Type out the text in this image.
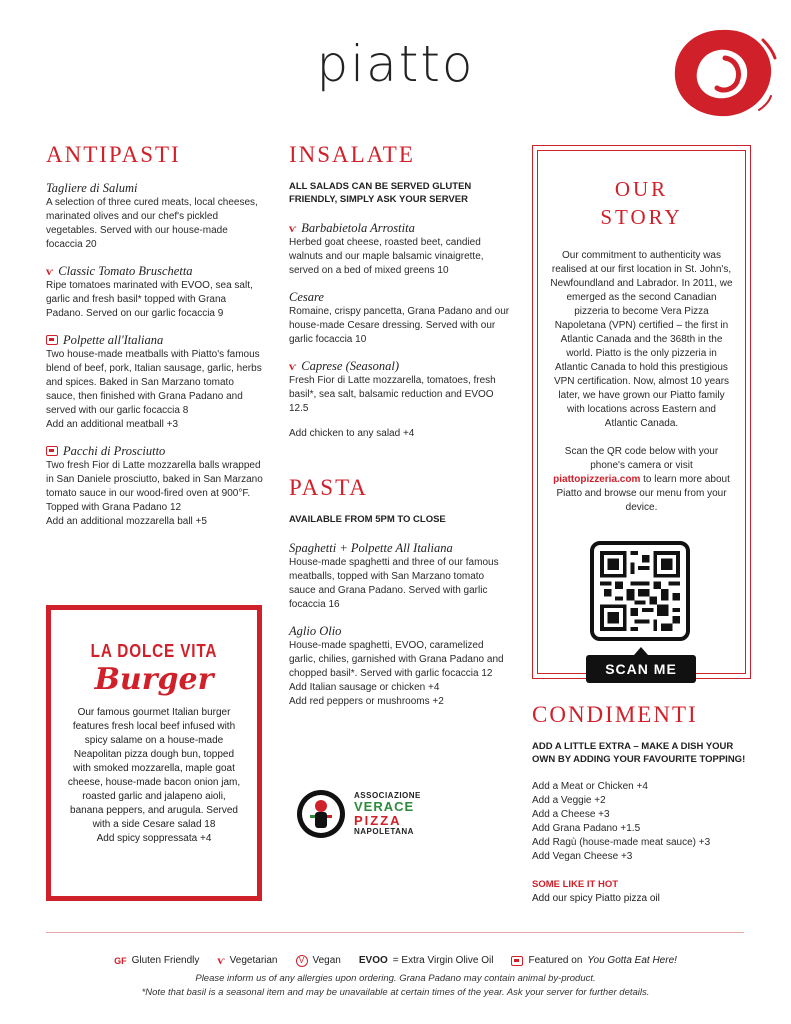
piatto
ANTIPASTI
Tagliere di Salumi
A selection of three cured meats, local cheeses, marinated olives and our chef's pickled vegetables. Served with our house-made focaccia 20
ѵ Classic Tomato Bruschetta
Ripe tomatoes marinated with EVOO, sea salt, garlic and fresh basil* topped with Grana Padano. Served on our garlic focaccia 9
Polpette all'Italiana
Two house-made meatballs with Piatto's famous blend of beef, pork, Italian sausage, garlic, herbs and spices. Baked in San Marzano tomato sauce, then finished with Grana Padano and served with our garlic focaccia 8
Add an additional meatball +3
Pacchi di Prosciutto
Two fresh Fior di Latte mozzarella balls wrapped in San Daniele prosciutto, baked in San Marzano tomato sauce in our wood-fired oven at 900°F.
Topped with Grana Padano 12
Add an additional mozzarella ball +5
LA DOLCE VITA
Burger
Our famous gourmet Italian burger features fresh local beef infused with spicy salame on a house-made Neapolitan pizza dough bun, topped with smoked mozzarella, maple goat cheese, house-made bacon onion jam, roasted garlic and jalapeno aioli, banana peppers, and arugula. Served with a side Cesare salad 18
Add spicy soppressata +4
INSALATE
ALL SALADS CAN BE SERVED GLUTEN FRIENDLY, SIMPLY ASK YOUR SERVER
ѵ Barbabietola Arrostita
Herbed goat cheese, roasted beet, candied walnuts and our maple balsamic vinaigrette, served on a bed of mixed greens 10
Cesare
Romaine, crispy pancetta, Grana Padano and our house-made Cesare dressing. Served with our garlic focaccia 10
ѵ Caprese (Seasonal)
Fresh Fior di Latte mozzarella, tomatoes, fresh basil*, sea salt, balsamic reduction and EVOO 12.5
Add chicken to any salad +4
PASTA
AVAILABLE FROM 5PM TO CLOSE
Spaghetti + Polpette All Italiana
House-made spaghetti and three of our famous meatballs, topped with San Marzano tomato sauce and Grana Padano. Served with garlic focaccia 16
Aglio Olio
House-made spaghetti, EVOO, caramelized garlic, chilies, garnished with Grana Padano and chopped basil*. Served with garlic focaccia 12
Add Italian sausage or chicken +4
Add red peppers or mushrooms +2
ASSOCIAZIONE
VERACE
PIZZA
NAPOLETANA
OUR
STORY
Our commitment to authenticity was realised at our first location in St. John's, Newfoundland and Labrador. In 2011, we emerged as the second Canadian pizzeria to become Vera Pizza Napoletana (VPN) certified – the first in Atlantic Canada and the 368th in the world. Piatto is the only pizzeria in Atlantic Canada to hold this prestigious VPN certification. Now, almost 10 years later, we have grown our Piatto family with locations across Eastern and Atlantic Canada.
Scan the QR code below with your phone's camera or visit piattopizzeria.com to learn more about Piatto and browse our menu from your device.
SCAN ME
CONDIMENTI
ADD A LITTLE EXTRA – MAKE A DISH YOUR OWN BY ADDING YOUR FAVOURITE TOPPING!
Add a Meat or Chicken +4
Add a Veggie +2
Add a Cheese +3
Add Grana Padano +1.5
Add Ragù (house-made meat sauce) +3
Add Vegan Cheese +3
SOME LIKE IT HOT
Add our spicy Piatto pizza oil
GF Gluten Friendly ѵ Vegetarian	V Vegan EVOO = Extra Virgin Olive Oil	Featured on You Gotta Eat Here!
Please inform us of any allergies upon ordering. Grana Padano may contain animal by-product.
*Note that basil is a seasonal item and may be unavailable at certain times of the year. Ask your server for further details.
